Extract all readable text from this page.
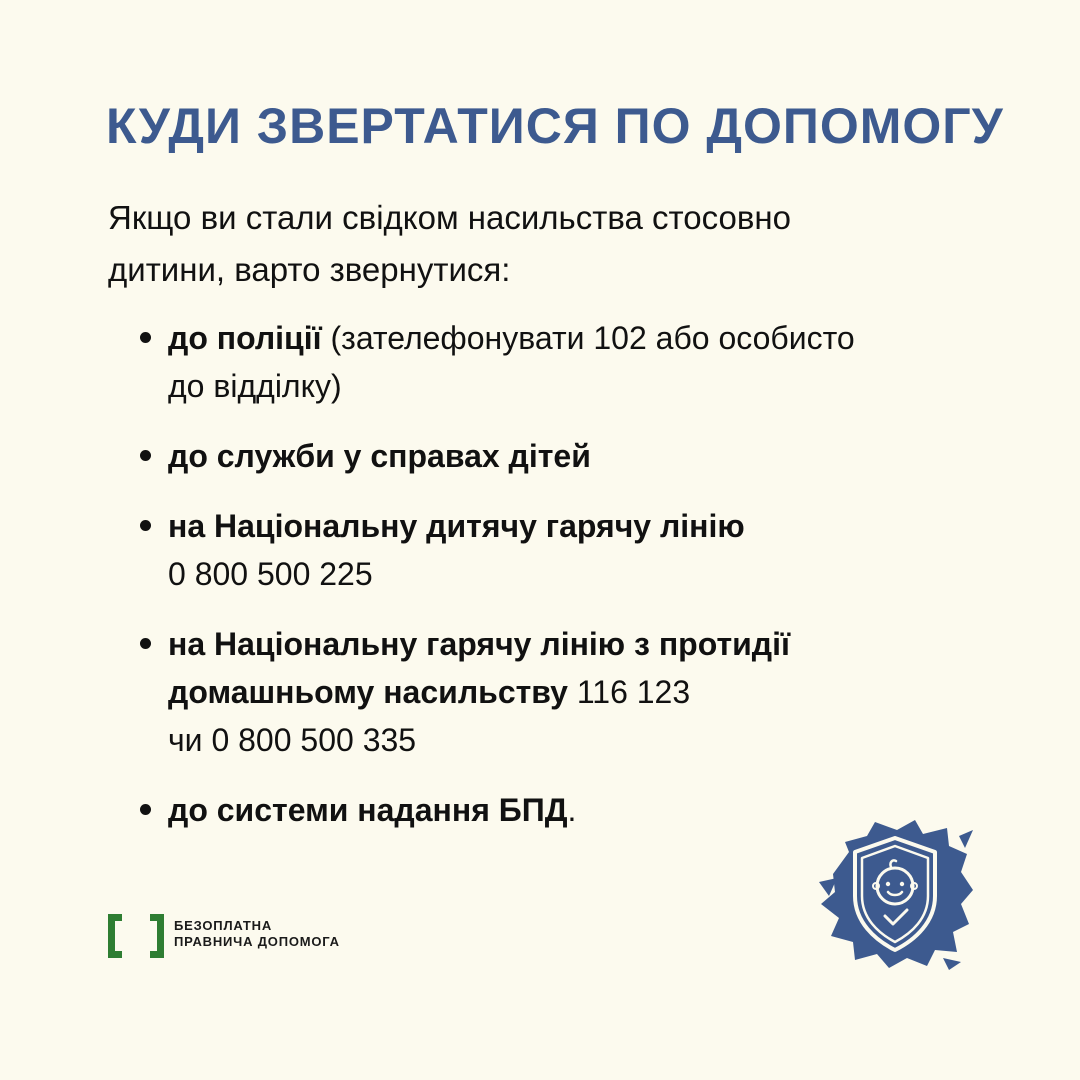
КУДИ ЗВЕРТАТИСЯ ПО ДОПОМОГУ
Якщо ви стали свідком насильства стосовно
дитини, варто звернутися:
до поліції (зателефонувати 102 або особисто
до відділку)
до служби у справах дітей
на Національну дитячу гарячу лінію
0 800 500 225
на Національну гарячу лінію з протидії
домашньому насильству 116 123
чи 0 800 500 335
до системи надання БПД.
БЕЗОПЛАТНА
ПРАВНИЧА ДОПОМОГА
